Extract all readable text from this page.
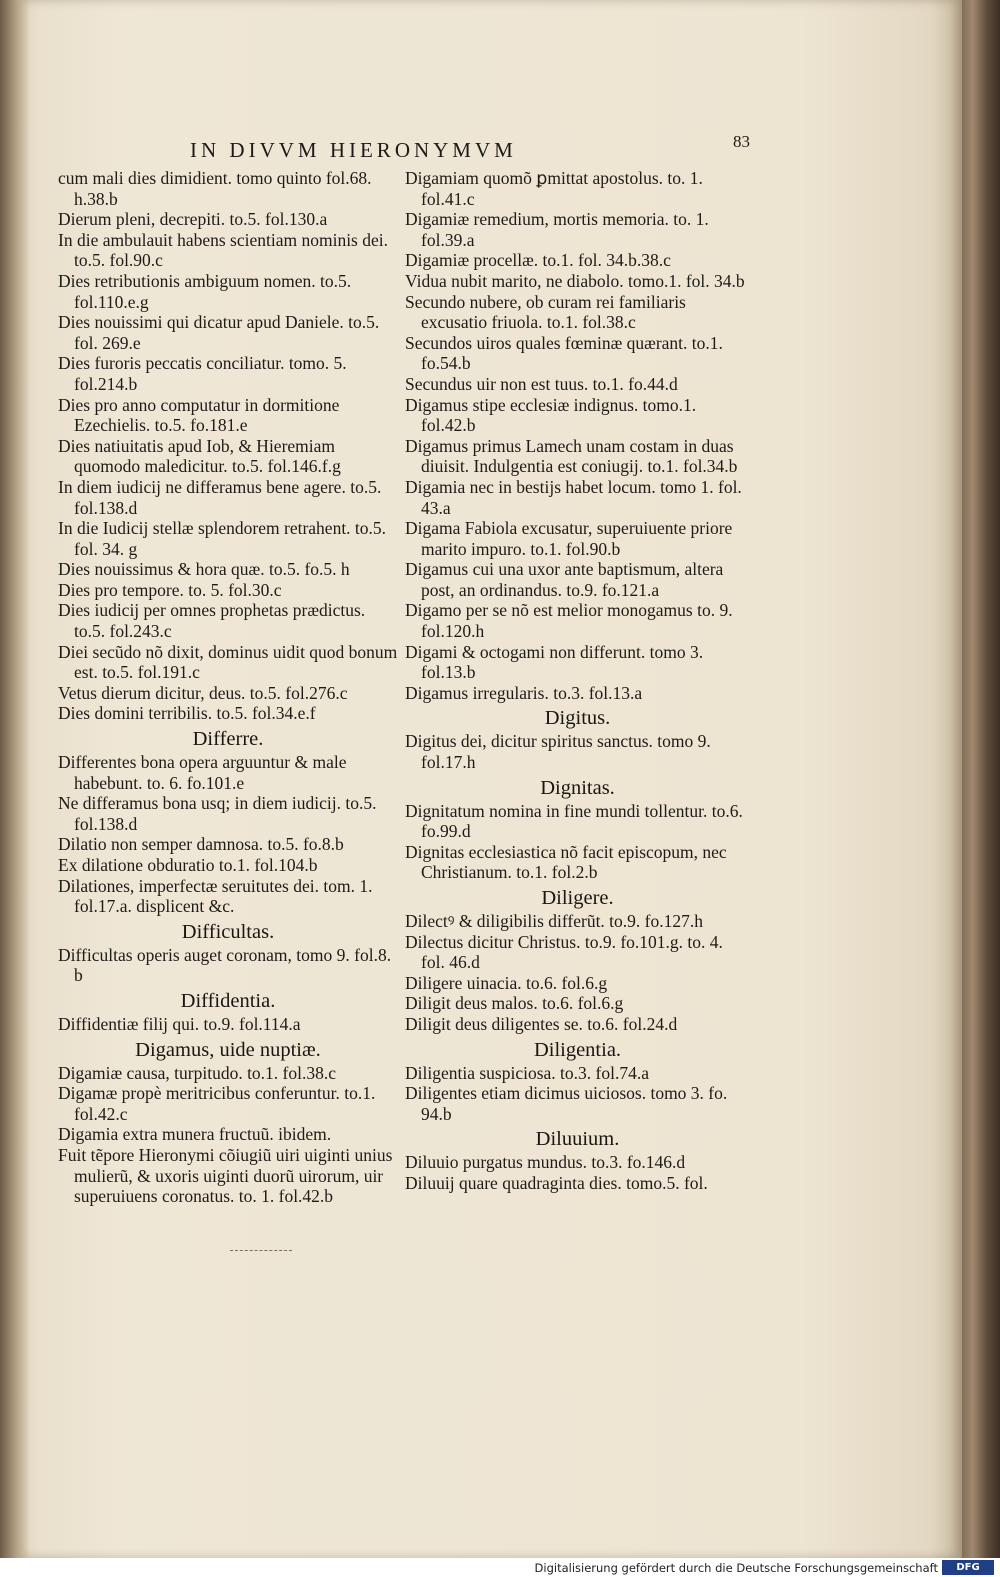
IN DIVVM HIERONYMVM	83

cum mali dies dimidient. tomo quinto fol.68. h.38.b

Dierum pleni, decrepiti. to.5. fol.130.a

In die ambulauit habens scientiam nominis dei. to.5. fol.90.c

Dies retributionis ambiguum nomen. to.5. fol.110.e.g

Dies nouissimi qui dicatur apud Daniele. to.5. fol. 269.e

Dies furoris peccatis conciliatur. tomo. 5. fol.214.b

Dies pro anno computatur in dormitione Ezechielis. to.5. fo.181.e

Dies natiuitatis apud Iob, & Hieremiam quomodo maledicitur. to.5. fol.146.f.g

In diem iudicij ne differamus bene agere. to.5. fol.138.d

In die Iudicij stellæ splendorem retrahent. to.5. fol. 34. g

Dies nouissimus & hora quæ. to.5. fo.5. h

Dies pro tempore. to. 5. fol.30.c

Dies iudicij per omnes prophetas prædictus. to.5. fol.243.c

Diei secũdo nõ dixit, dominus uidit quod bonum est. to.5. fol.191.c

Vetus dierum dicitur, deus. to.5. fol.276.c

Dies domini terribilis. to.5. fol.34.e.f

Differre.

Differentes bona opera arguuntur & male habebunt. to. 6. fo.101.e

Ne differamus bona usq; in diem iudicij. to.5. fol.138.d

Dilatio non semper damnosa. to.5. fo.8.b

Ex dilatione obduratio to.1. fol.104.b

Dilationes, imperfectæ seruitutes dei. tom. 1. fol.17.a. displicent &c.

Difficultas.

Difficultas operis auget coronam, tomo 9. fol.8. b

Diffidentia.

Diffidentiæ filij qui. to.9. fol.114.a

Digamus, uide nuptiæ.

Digamiæ causa, turpitudo. to.1. fol.38.c

Digamæ propè meritricibus conferuntur. to.1. fol.42.c

Digamia extra munera fructuũ. ibidem.

Fuit tẽpore Hieronymi cõiugiũ uiri uiginti unius mulierũ, & uxoris uiginti duorũ uirorum, uir superuiuens coronatus. to. 1. fol.42.b

Digamiam quomõ ꝑmittat apostolus. to. 1. fol.41.c

Digamiæ remedium, mortis memoria. to. 1. fol.39.a

Digamiæ procellæ. to.1. fol. 34.b.38.c

Vidua nubit marito, ne diabolo. tomo.1. fol. 34.b

Secundo nubere, ob curam rei familiaris excusatio friuola. to.1. fol.38.c

Secundos uiros quales fœminæ quærant. to.1. fo.54.b

Secundus uir non est tuus. to.1. fo.44.d

Digamus stipe ecclesiæ indignus. tomo.1. fol.42.b

Digamus primus Lamech unam costam in duas diuisit. Indulgentia est coniugij. to.1. fol.34.b

Digamia nec in bestijs habet locum. tomo 1. fol. 43.a

Digama Fabiola excusatur, superuiuente priore marito impuro. to.1. fol.90.b

Digamus cui una uxor ante baptismum, altera post, an ordinandus. to.9. fo.121.a

Digamo per se nõ est melior monogamus to. 9. fol.120.h

Digami & octogami non differunt. tomo 3. fol.13.b

Digamus irregularis. to.3. fol.13.a

Digitus.

Digitus dei, dicitur spiritus sanctus. tomo 9. fol.17.h

Dignitas.

Dignitatum nomina in fine mundi tollentur. to.6. fo.99.d

Dignitas ecclesiastica nõ facit episcopum, nec Christianum. to.1. fol.2.b

Diligere.

Dilectꝰ & diligibilis differũt. to.9. fo.127.h

Dilectus dicitur Christus. to.9. fo.101.g. to. 4. fol. 46.d

Diligere uinacia. to.6. fol.6.g

Diligit deus malos. to.6. fol.6.g

Diligit deus diligentes se. to.6. fol.24.d

Diligentia.

Diligentia suspiciosa. to.3. fol.74.a

Diligentes etiam dicimus uiciosos. tomo 3. fo. 94.b

Diluuium.

Diluuio purgatus mundus. to.3. fo.146.d

Diluuij quare quadraginta dies. tomo.5. fol.

Digitalisierung gefördert durch die Deutsche Forschungsgemeinschaft	DFG
